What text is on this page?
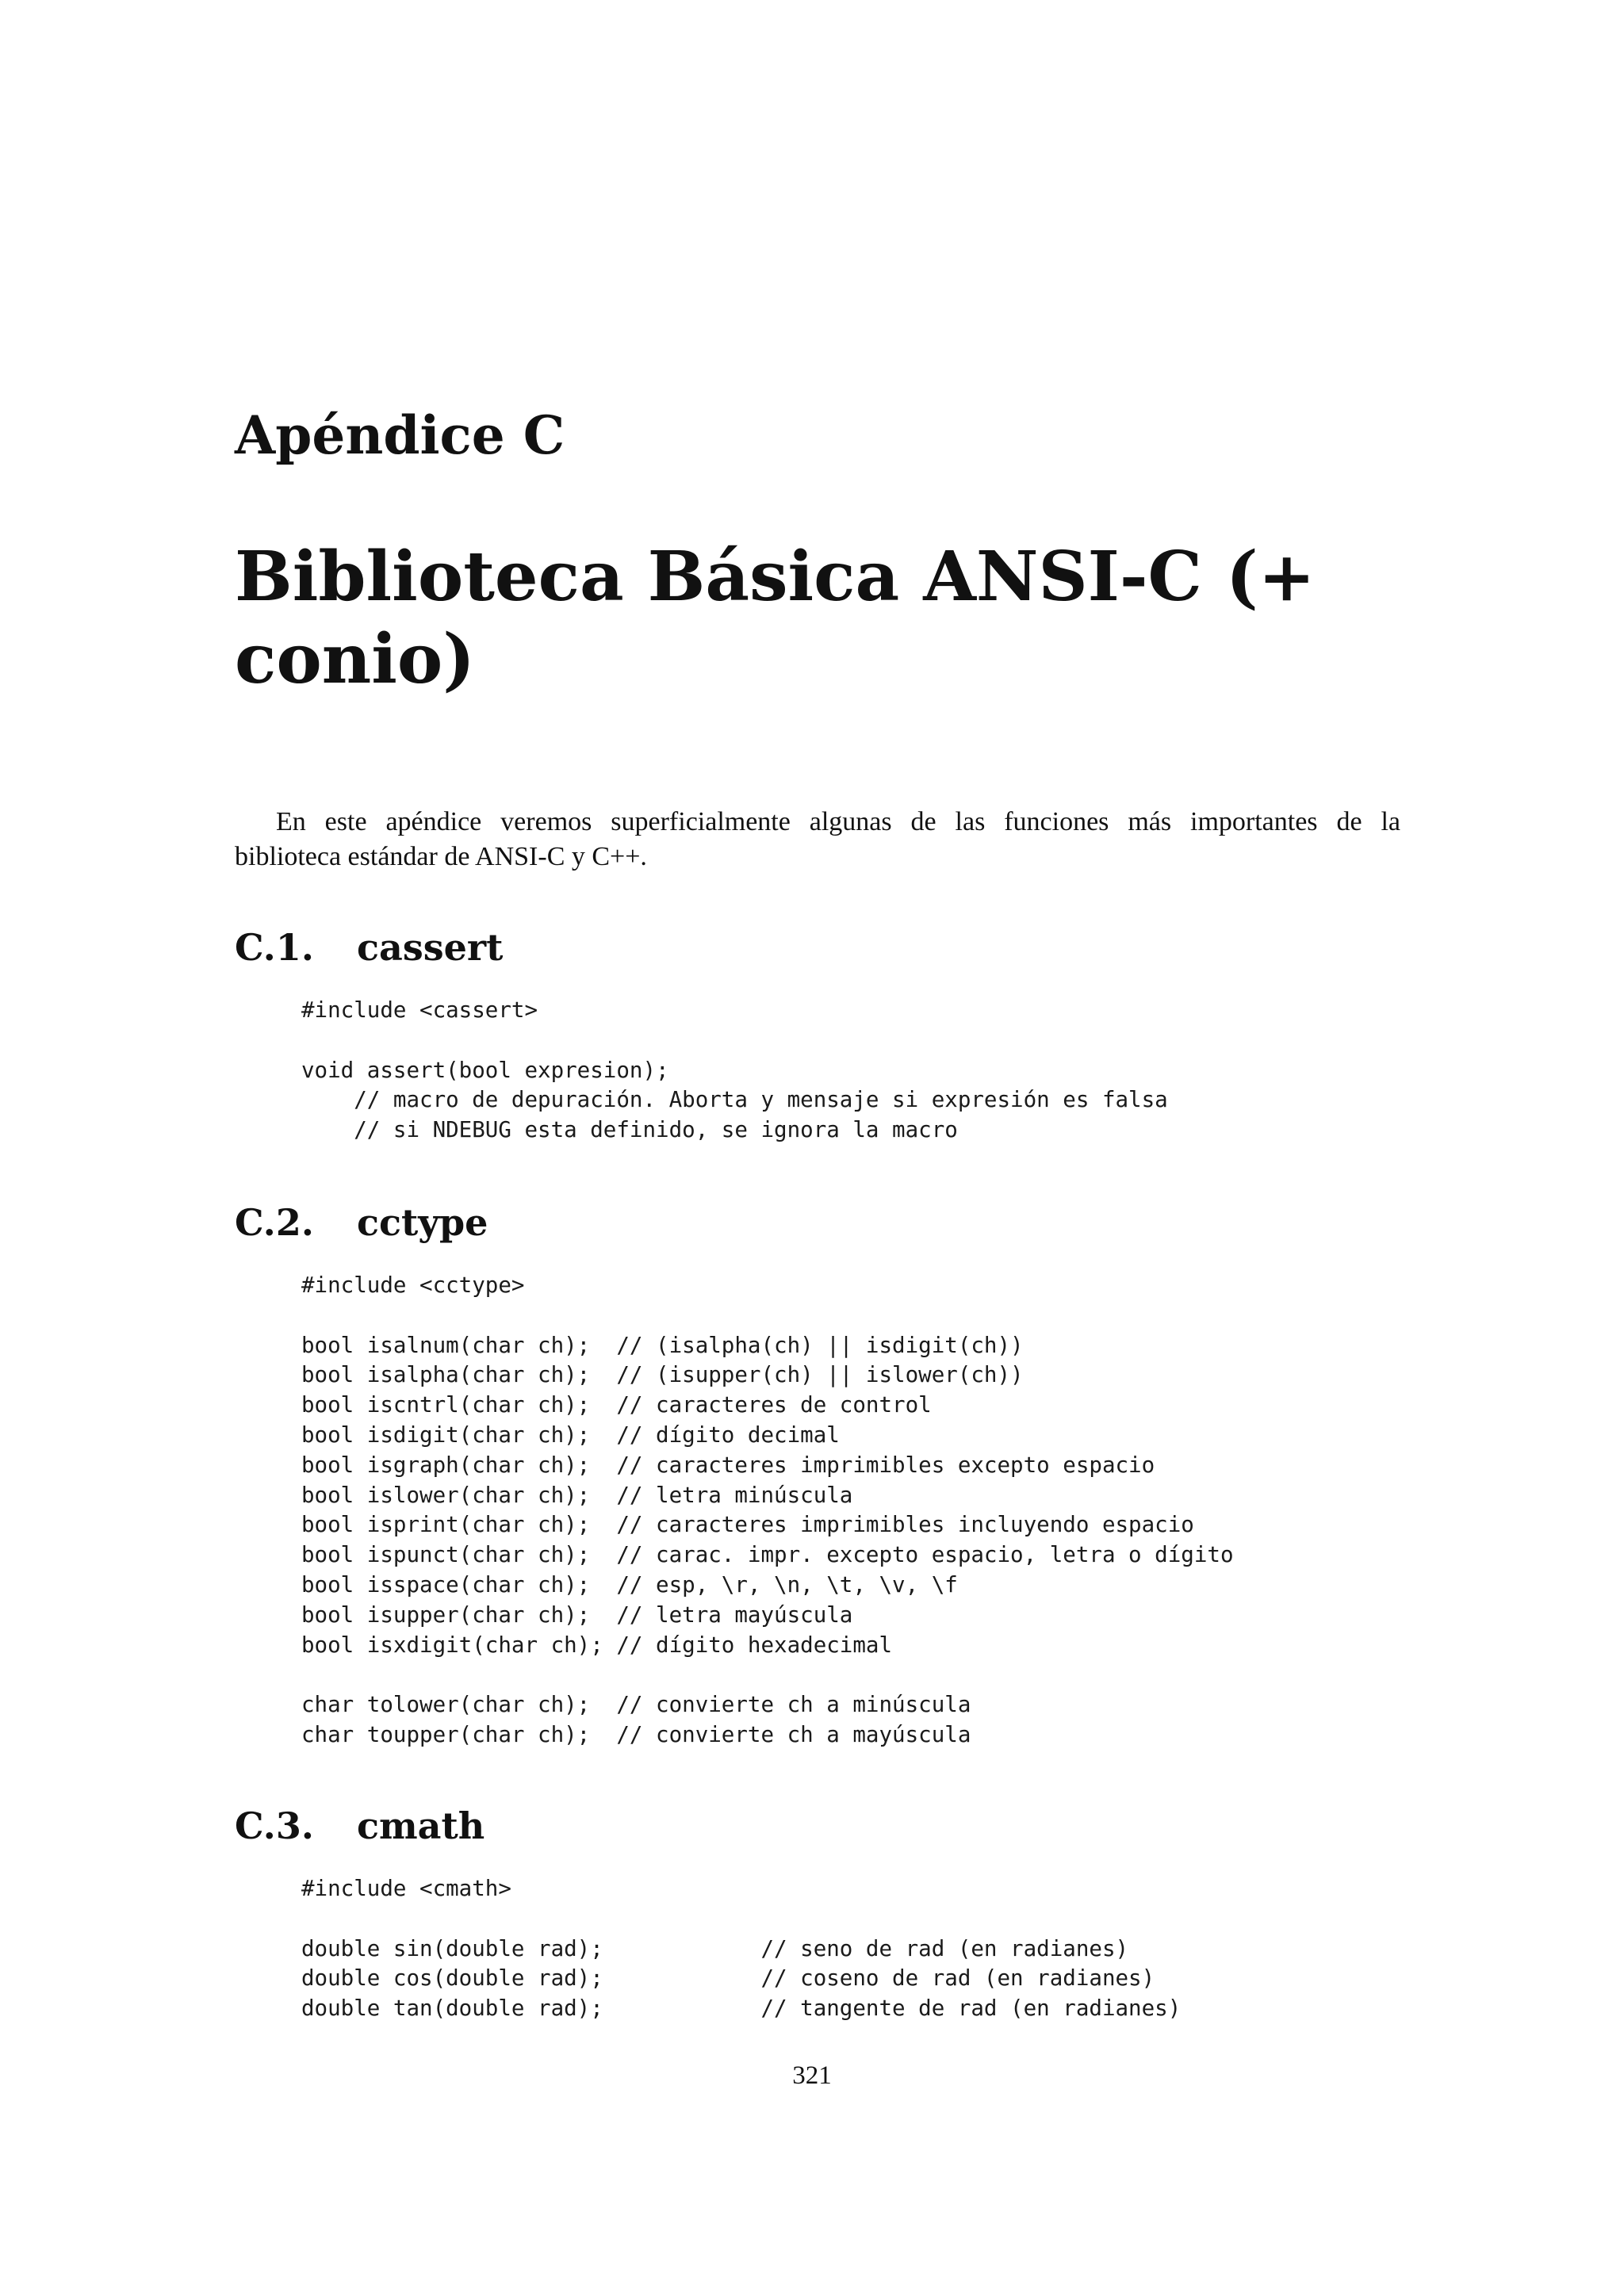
Apéndice C
Biblioteca Básica ANSI-C (+
conio)

En este apéndice veremos superficialmente algunas de las funciones más importantes de la
biblioteca estándar de ANSI-C y C++.

C.1. cassert
#include <cassert>
void assert(bool expresion);
// macro de depuración. Aborta y mensaje si expresión es falsa
// si NDEBUG esta definido, se ignora la macro
C.2. cctype
#include <cctype>
bool isalnum(char ch);  // (isalpha(ch) || isdigit(ch))
bool isalpha(char ch);  // (isupper(ch) || islower(ch))
bool iscntrl(char ch);  // caracteres de control
bool isdigit(char ch);  // dígito decimal
bool isgraph(char ch);  // caracteres imprimibles excepto espacio
bool islower(char ch);  // letra minúscula
bool isprint(char ch);  // caracteres imprimibles incluyendo espacio
bool ispunct(char ch);  // carac. impr. excepto espacio, letra o dígito
bool isspace(char ch);  // esp, \r, \n, \t, \v, \f
bool isupper(char ch);  // letra mayúscula
bool isxdigit(char ch); // dígito hexadecimal
char tolower(char ch);  // convierte ch a minúscula
char toupper(char ch);  // convierte ch a mayúscula
C.3. cmath
#include <cmath>
double sin(double rad);            // seno de rad (en radianes)
double cos(double rad);            // coseno de rad (en radianes)
double tan(double rad);            // tangente de rad (en radianes)

321
